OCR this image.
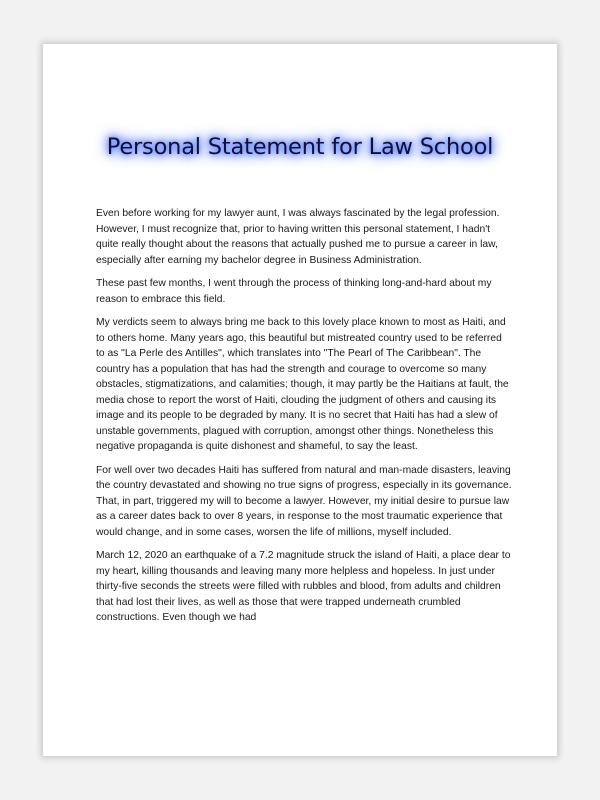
Personal Statement for Law School

Even before working for my lawyer aunt, I was always fascinated by the legal profession. However, I must recognize that, prior to having written this personal statement, I hadn't quite really thought about the reasons that actually pushed me to pursue a career in law, especially after earning my bachelor degree in Business Administration.

These past few months, I went through the process of thinking long-and-hard about my reason to embrace this field.

My verdicts seem to always bring me back to this lovely place known to most as Haiti, and to others home. Many years ago, this beautiful but mistreated country used to be referred to as "La Perle des Antilles", which translates into "The Pearl of The Caribbean". The country has a population that has had the strength and courage to overcome so many obstacles, stigmatizations, and calamities; though, it may partly be the Haitians at fault, the media chose to report the worst of Haiti, clouding the judgment of others and causing its image and its people to be degraded by many. It is no secret that Haiti has had a slew of unstable governments, plagued with corruption, amongst other things. Nonetheless this negative propaganda is quite dishonest and shameful, to say the least.

For well over two decades Haiti has suffered from natural and man-made disasters, leaving the country devastated and showing no true signs of progress, especially in its governance. That, in part, triggered my will to become a lawyer. However, my initial desire to pursue law as a career dates back to over 8 years, in response to the most traumatic experience that would change, and in some cases, worsen the life of millions, myself included.

March 12, 2020 an earthquake of a 7.2 magnitude struck the island of Haiti, a place dear to my heart, killing thousands and leaving many more helpless and hopeless. In just under thirty-five seconds the streets were filled with rubbles and blood, from adults and children that had lost their lives, as well as those that were trapped underneath crumbled constructions. Even though we had
